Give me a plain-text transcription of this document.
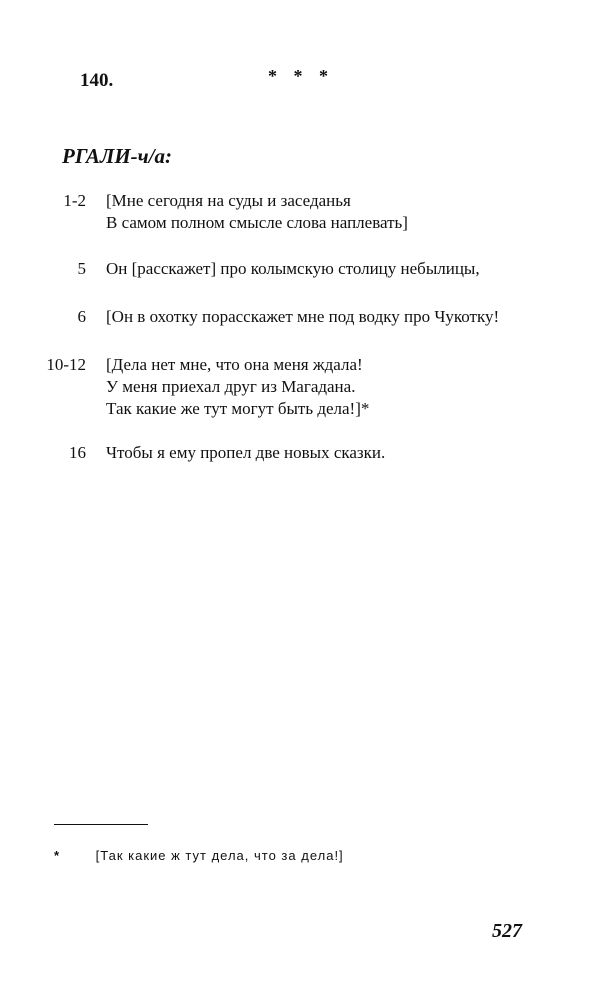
140.	* * *
РГАЛИ-ч/а:
1-2 [Мне сегодня на суды и заседанья
В самом полном смысле слова наплевать]
5 Он [расскажет] про колымскую столицу небылицы,
6 [Он в охотку порасскажет мне под водку про Чукотку!
10-12 [Дела нет мне, что она меня ждала!
У меня приехал друг из Магадана.
Так какие же тут могут быть дела!]*
16 Чтобы я ему пропел две новых сказки.
*	[Так какие ж тут дела, что за дела!]
527
